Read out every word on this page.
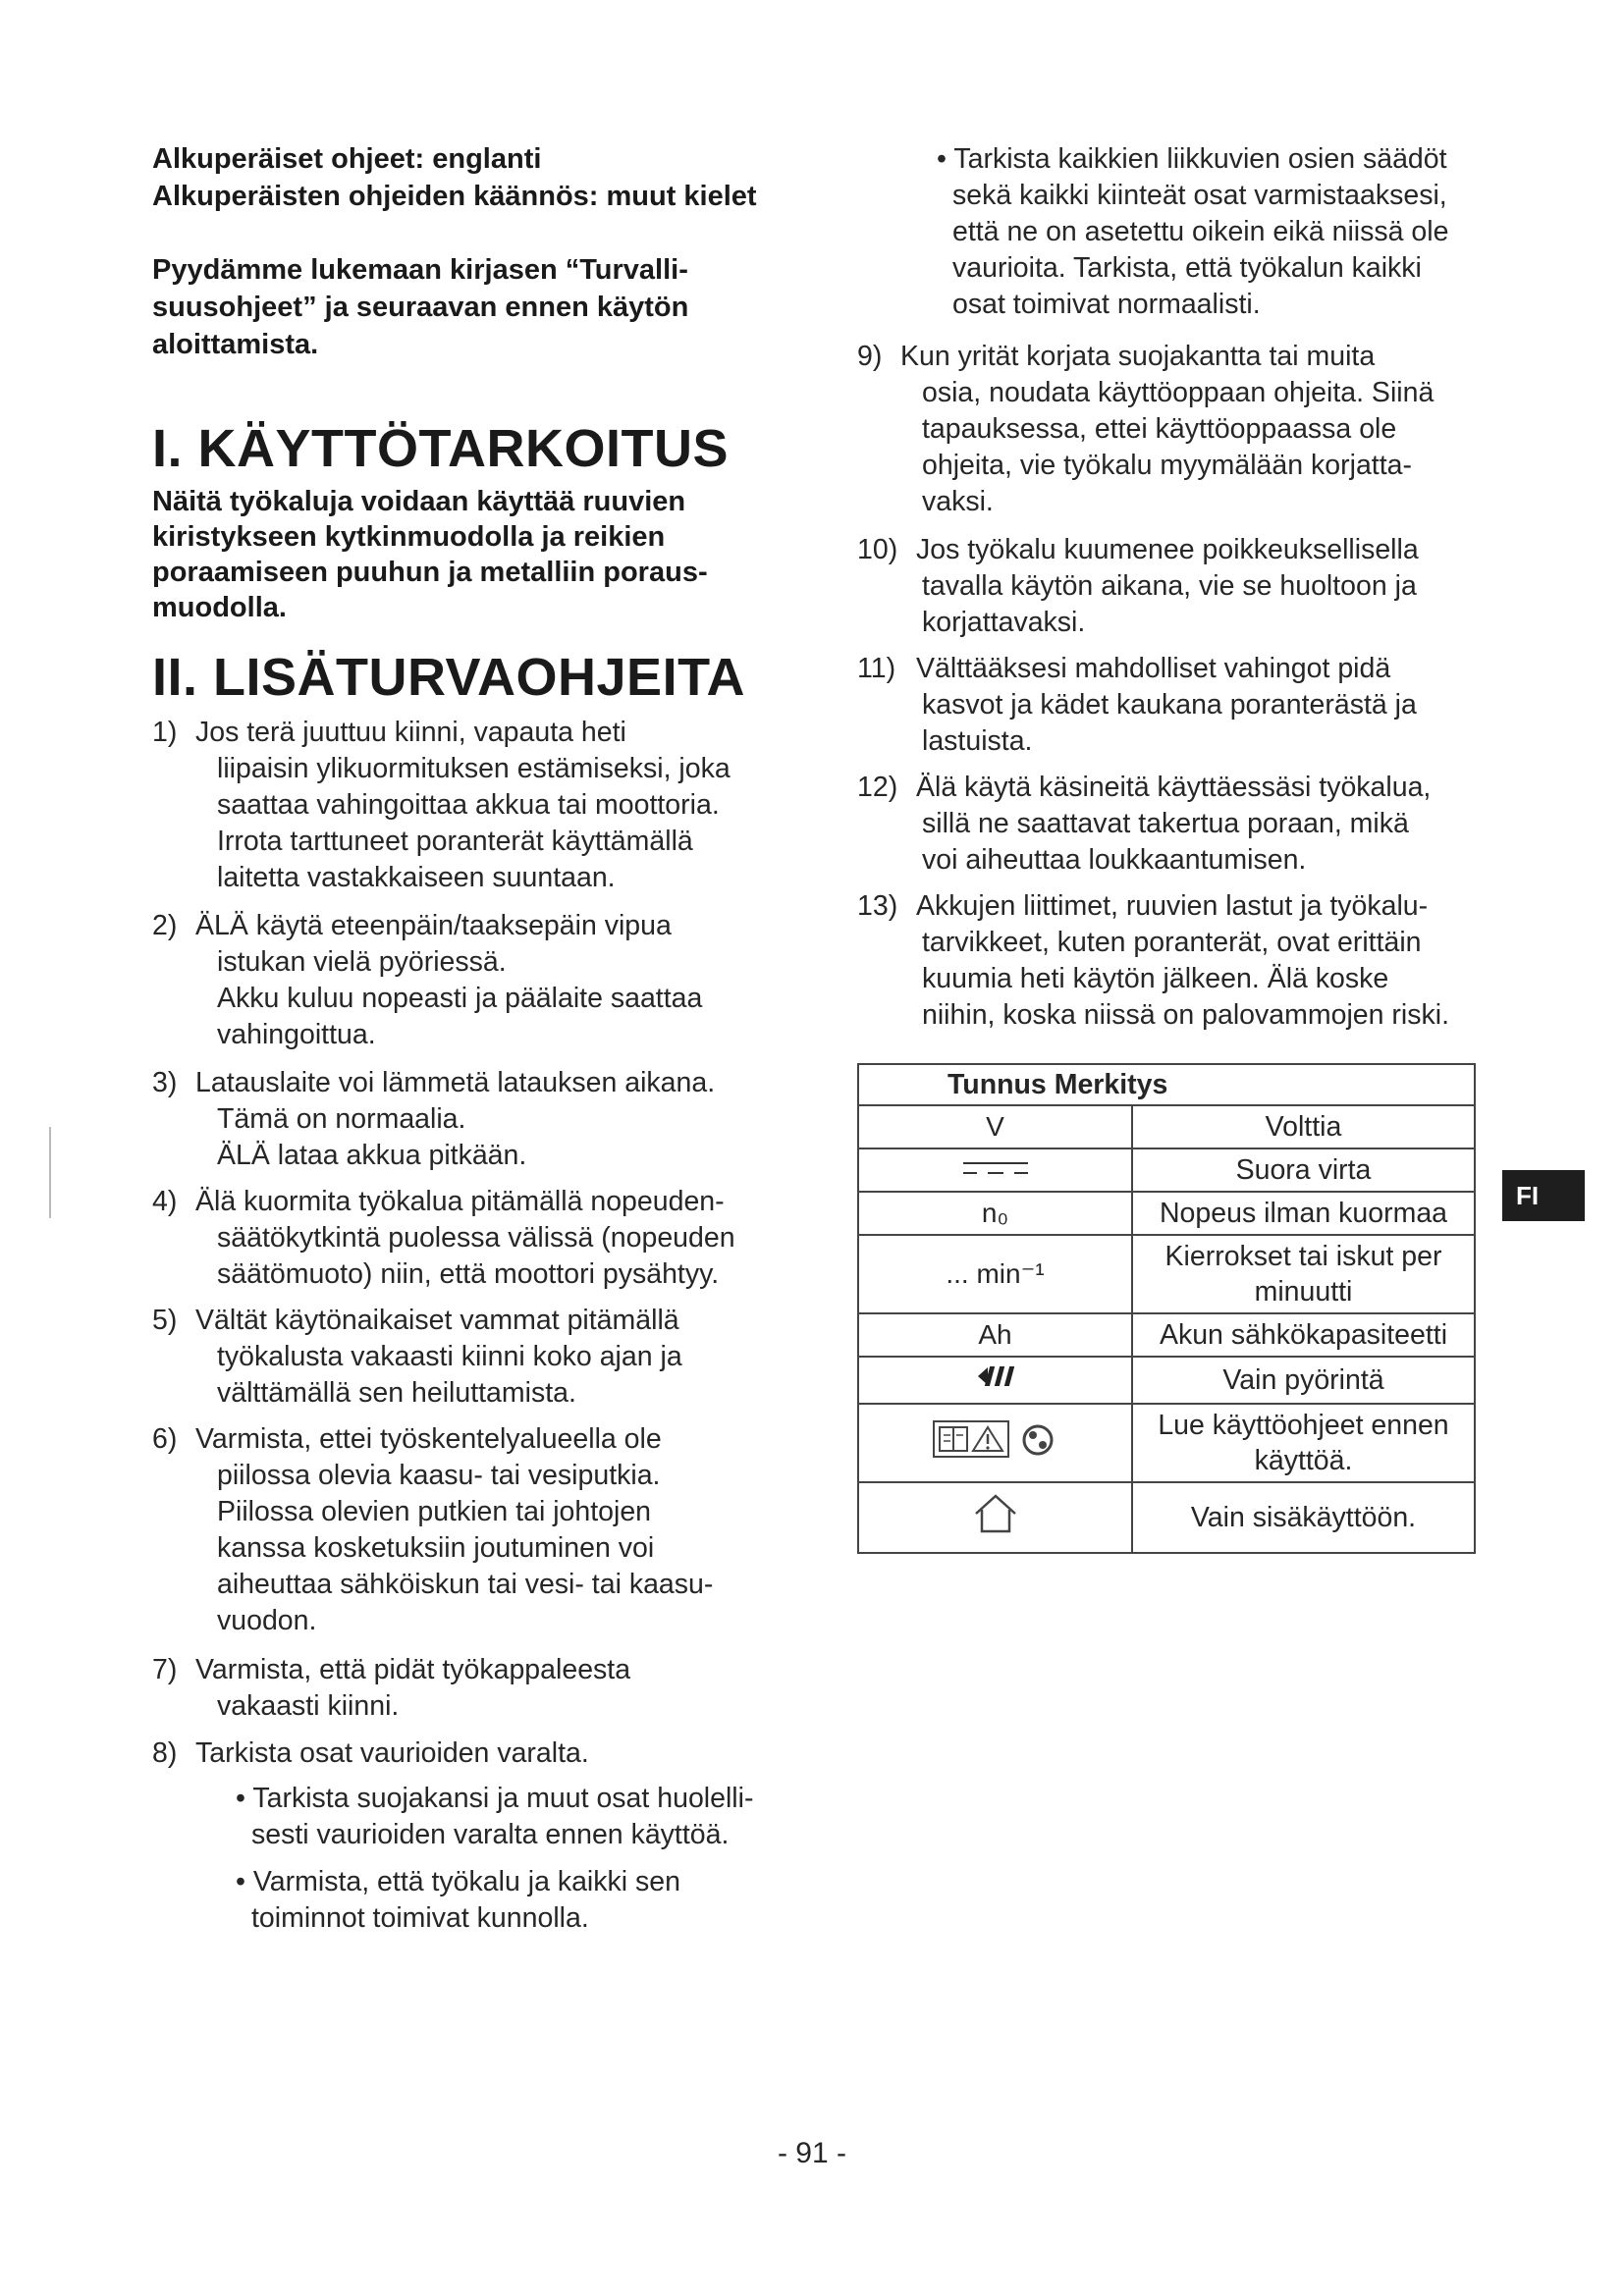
Alkuperäiset ohjeet: englanti

Alkuperäisten ohjeiden käännös: muut kielet

Pyydämme lukemaan kirjasen “Turvalli-

suusohjeet” ja seuraavan ennen käytön

aloittamista.

I. KÄYTTÖTARKOITUS
Näitä työkaluja voidaan käyttää ruuvien
kiristykseen kytkinmuodolla ja reikien
poraamiseen puuhun ja metalliin poraus-
muodolla.
II. LISÄTURVAOHJEITA
1) Jos terä juuttuu kiinni, vapauta heti
liipaisin ylikuormituksen estämiseksi, joka
saattaa vahingoittaa akkua tai moottoria.
Irrota tarttuneet poranterät käyttämällä
laitetta vastakkaiseen suuntaan.
2) ÄLÄ käytä eteenpäin/taaksepäin vipua
istukan vielä pyöriessä.
Akku kuluu nopeasti ja päälaite saattaa
vahingoittua.
3) Latauslaite voi lämmetä latauksen aikana.
Tämä on normaalia.
ÄLÄ lataa akkua pitkään.
4) Älä kuormita työkalua pitämällä nopeuden-
säätökytkintä puolessa välissä (nopeuden
säätömuoto) niin, että moottori pysähtyy.
5) Vältät käytönaikaiset vammat pitämällä
työkalusta vakaasti kiinni koko ajan ja
välttämällä sen heiluttamista.
6) Varmista, ettei työskentelyalueella ole
piilossa olevia kaasu- tai vesiputkia.
Piilossa olevien putkien tai johtojen
kanssa kosketuksiin joutuminen voi
aiheuttaa sähköiskun tai vesi- tai kaasu-
vuodon.
7) Varmista, että pidät työkappaleesta
vakaasti kiinni.
8) Tarkista osat vaurioiden varalta.
• Tarkista suojakansi ja muut osat huolelli-
sesti vaurioiden varalta ennen käyttöä.
• Varmista, että työkalu ja kaikki sen
toiminnot toimivat kunnolla.
• Tarkista kaikkien liikkuvien osien säädöt
sekä kaikki kiinteät osat varmistaaksesi,
että ne on asetettu oikein eikä niissä ole
vaurioita. Tarkista, että työkalun kaikki
osat toimivat normaalisti.
9) Kun yrität korjata suojakantta tai muita
osia, noudata käyttöoppaan ohjeita. Siinä
tapauksessa, ettei käyttöoppaassa ole
ohjeita, vie työkalu myymälään korjatta-
vaksi.
10) Jos työkalu kuumenee poikkeuksellisella
tavalla käytön aikana, vie se huoltoon ja
korjattavaksi.
11) Välttääksesi mahdolliset vahingot pidä
kasvot ja kädet kaukana poranterästä ja
lastuista.
12) Älä käytä käsineitä käyttäessäsi työkalua,
sillä ne saattavat takertua poraan, mikä
voi aiheuttaa loukkaantumisen.
13) Akkujen liittimet, ruuvien lastut ja työkalu-
tarvikkeet, kuten poranterät, ovat erittäin
kuumia heti käytön jälkeen. Älä koske
niihin, koska niissä on palovammojen riski.
Tunnus Merkitys	

V	Volttia
	Suora virta
n₀	Nopeus ilman kuormaa
... min⁻¹	Kierrokset tai iskut per
minuutti

Ah	Akun sähkökapasiteetti
	Vain pyörintä

Lue käyttöohjeet ennen
käyttöä.

	Vain sisäkäyttöön.
FI
- 91 -
